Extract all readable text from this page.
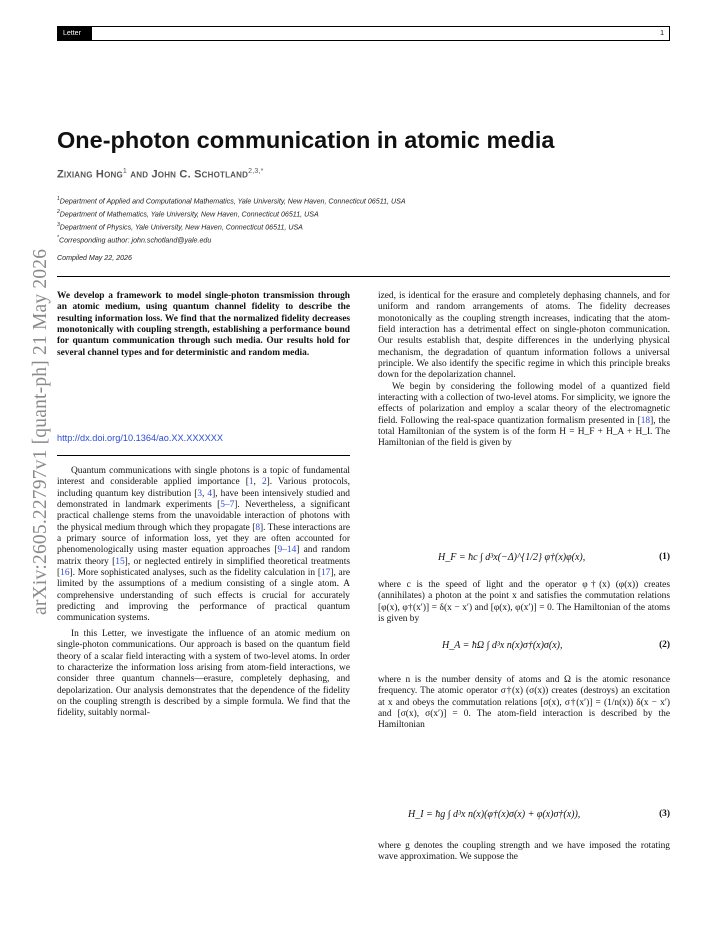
Letter	1
arXiv:2605.22797v1 [quant-ph] 21 May 2026
One-photon communication in atomic media
Zixiang Hong$^1$ and John C. Schotland$^{2,3,*}$
$^1$Department of Applied and Computational Mathematics, Yale University, New Haven, Connecticut 06511, USA
$^2$Department of Mathematics, Yale University, New Haven, Connecticut 06511, USA
$^3$Department of Physics, Yale University, New Haven, Connecticut 06511, USA
*Corresponding author: john.schotland@yale.edu
Compiled May 22, 2026

We develop a framework to model single-photon transmission through an atomic medium, using quantum channel fidelity to describe the resulting information loss. We find that the normalized fidelity decreases monotonically with coupling strength, establishing a performance bound for quantum communication through such media. Our results hold for several channel types and for deterministic and random media.

http://dx.doi.org/10.1364/ao.XX.XXXXXX

Quantum communications with single photons is a topic of fundamental interest and considerable applied importance [1, 2]. Various protocols, including quantum key distribution [3, 4], have been intensively studied and demonstrated in landmark experiments [5–7]. Nevertheless, a significant practical challenge stems from the unavoidable interaction of photons with the physical medium through which they propagate [8]. These interactions are a primary source of information loss, yet they are often accounted for phenomenologically using master equation approaches [9–14] and random matrix theory [15], or neglected entirely in simplified theoretical treatments [16]. More sophisticated analyses, such as the fidelity calculation in [17], are limited by the assumptions of a medium consisting of a single atom. A comprehensive understanding of such effects is crucial for accurately predicting and improving the performance of practical quantum communication systems.

In this Letter, we investigate the influence of an atomic medium on single-photon communications. Our approach is based on the quantum field theory of a scalar field interacting with a system of two-level atoms. In order to characterize the information loss arising from atom-field interactions, we consider three quantum channels—erasure, completely dephasing, and depolarization. Our analysis demonstrates that the dependence of the fidelity on the coupling strength is described by a simple formula. We find that the fidelity, suitably normal-

ized, is identical for the erasure and completely dephasing channels, and for uniform and random arrangements of atoms. The fidelity decreases monotonically as the coupling strength increases, indicating that the atom-field interaction has a detrimental effect on single-photon communication. Our results establish that, despite differences in the underlying physical mechanism, the degradation of quantum information follows a universal principle. We also identify the specific regime in which this principle breaks down for the depolarization channel.

We begin by considering the following model of a quantized field interacting with a collection of two-level atoms. For simplicity, we ignore the effects of polarization and employ a scalar theory of the electromagnetic field. Following the real-space quantization formalism presented in [18], the total Hamiltonian of the system is of the form H = H_F + H_A + H_I. The Hamiltonian of the field is given by

H_F = ħc ∫ d³x(−Δ)^{1/2} φ†(x)φ(x),	(1)

where c is the speed of light and the operator φ†(x) (φ(x)) creates (annihilates) a photon at the point x and satisfies the commutation relations [φ(x), φ†(x′)] = δ(x − x′) and [φ(x), φ(x′)] = 0. The Hamiltonian of the atoms is given by

H_A = ħΩ ∫ d³x n(x)σ†(x)σ(x),	(2)

where n is the number density of atoms and Ω is the atomic resonance frequency. The atomic operator σ†(x) (σ(x)) creates (destroys) an excitation at x and obeys the commutation relations [σ(x), σ†(x′)] = (1/n(x)) δ(x − x′) and [σ(x), σ(x′)] = 0. The atom-field interaction is described by the Hamiltonian

H_I = ħg ∫ d³x n(x)(φ†(x)σ(x) + φ(x)σ†(x)),	(3)

where g denotes the coupling strength and we have imposed the rotating wave approximation. We suppose the
